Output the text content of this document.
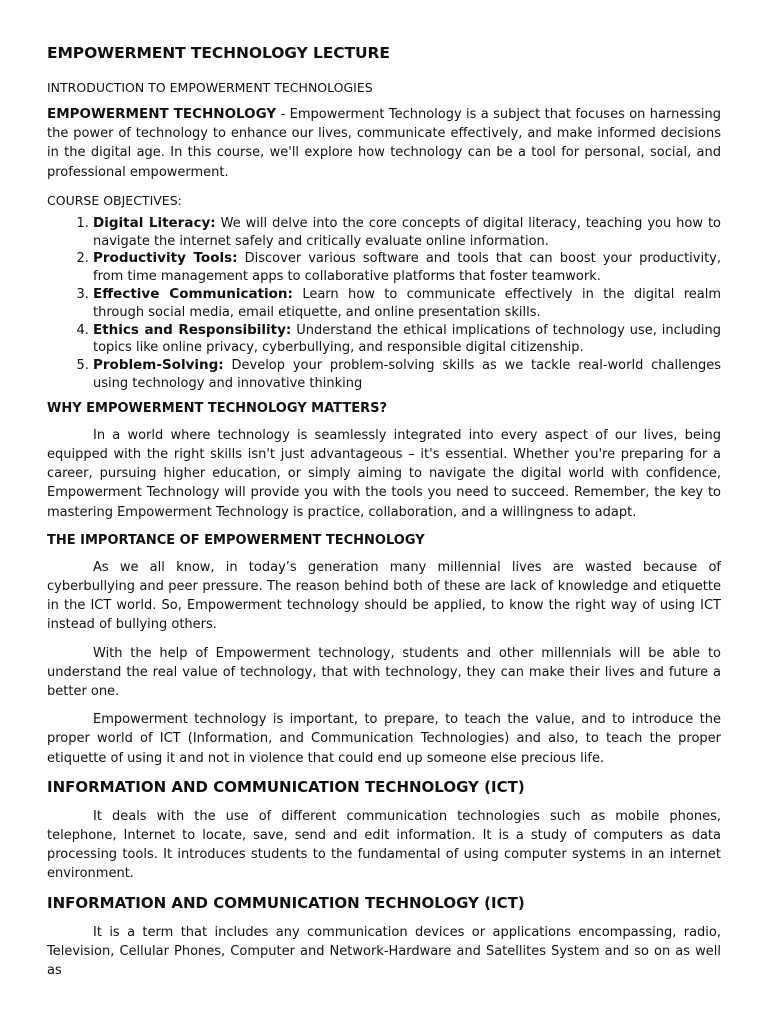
EMPOWERMENT TECHNOLOGY LECTURE
INTRODUCTION TO EMPOWERMENT TECHNOLOGIES

EMPOWERMENT TECHNOLOGY - Empowerment Technology is a subject that focuses on harnessing the power of technology to enhance our lives, communicate effectively, and make informed decisions in the digital age. In this course, we'll explore how technology can be a tool for personal, social, and professional empowerment.

COURSE OBJECTIVES:
1. Digital Literacy: We will delve into the core concepts of digital literacy, teaching you how to navigate the internet safely and critically evaluate online information.
2. Productivity Tools: Discover various software and tools that can boost your productivity, from time management apps to collaborative platforms that foster teamwork.
3. Effective Communication: Learn how to communicate effectively in the digital realm through social media, email etiquette, and online presentation skills.
4. Ethics and Responsibility: Understand the ethical implications of technology use, including topics like online privacy, cyberbullying, and responsible digital citizenship.
5. Problem-Solving: Develop your problem-solving skills as we tackle real-world challenges using technology and innovative thinking
WHY EMPOWERMENT TECHNOLOGY MATTERS?

In a world where technology is seamlessly integrated into every aspect of our lives, being equipped with the right skills isn't just advantageous – it's essential. Whether you're preparing for a career, pursuing higher education, or simply aiming to navigate the digital world with confidence, Empowerment Technology will provide you with the tools you need to succeed. Remember, the key to mastering Empowerment Technology is practice, collaboration, and a willingness to adapt.

THE IMPORTANCE OF EMPOWERMENT TECHNOLOGY

As we all know, in today’s generation many millennial lives are wasted because of cyberbullying and peer pressure. The reason behind both of these are lack of knowledge and etiquette in the ICT world. So, Empowerment technology should be applied, to know the right way of using ICT instead of bullying others.

With the help of Empowerment technology, students and other millennials will be able to understand the real value of technology, that with technology, they can make their lives and future a better one.

Empowerment technology is important, to prepare, to teach the value, and to introduce the proper world of ICT (Information, and Communication Technologies) and also, to teach the proper etiquette of using it and not in violence that could end up someone else precious life.

INFORMATION AND COMMUNICATION TECHNOLOGY (ICT)

It deals with the use of different communication technologies such as mobile phones, telephone, Internet to locate, save, send and edit information. It is a study of computers as data processing tools. It introduces students to the fundamental of using computer systems in an internet environment.

INFORMATION AND COMMUNICATION TECHNOLOGY (ICT)

It is a term that includes any communication devices or applications encompassing, radio, Television, Cellular Phones, Computer and Network-Hardware and Satellites System and so on as well as
